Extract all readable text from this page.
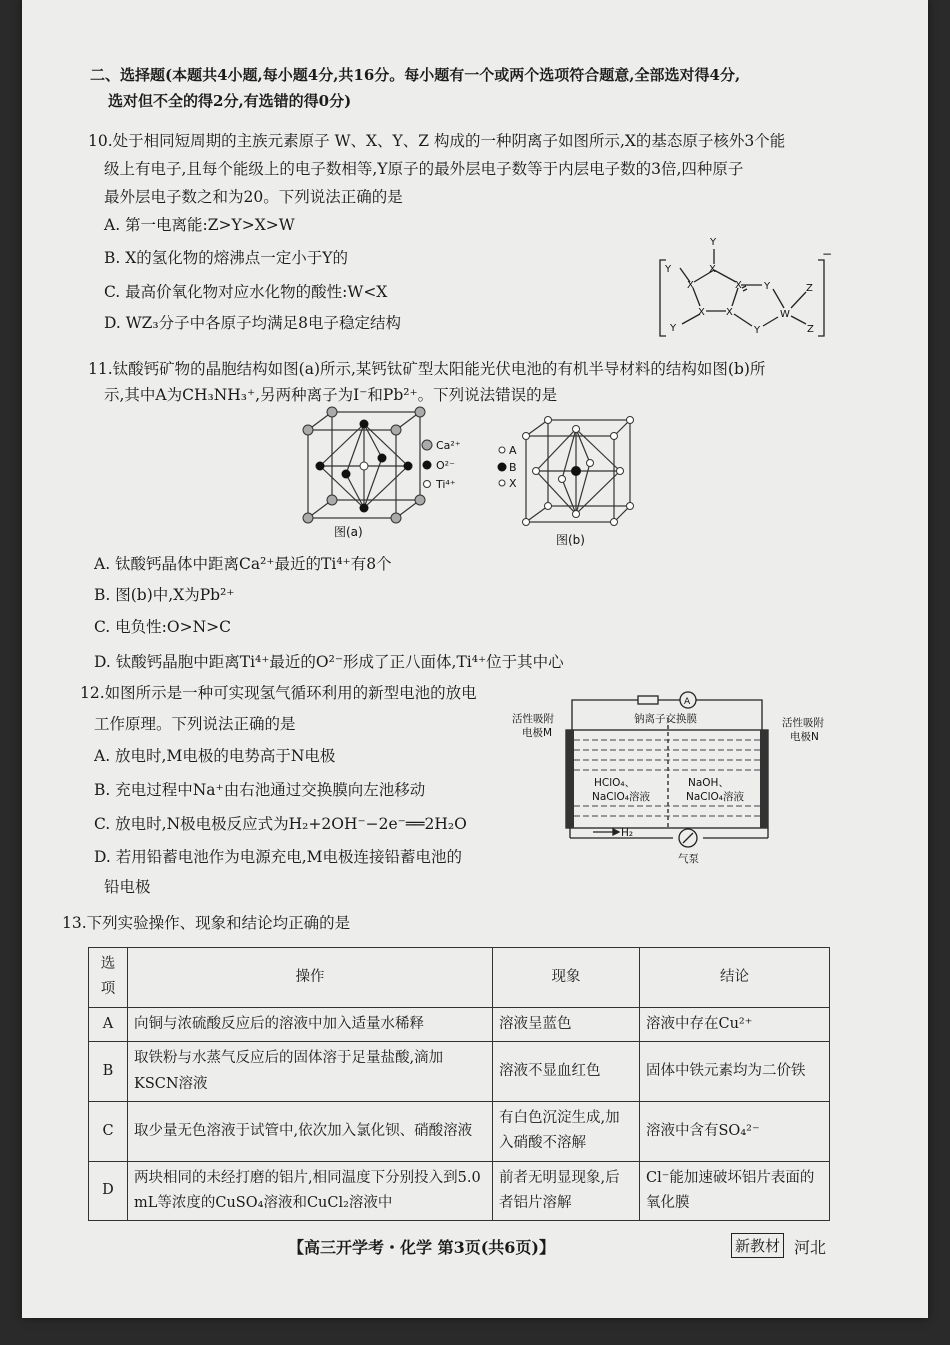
二、选择题(本题共4小题,每小题4分,共16分。每小题有一个或两个选项符合题意,全部选对得4分,
选对但不全的得2分,有选错的得0分)
10.处于相同短周期的主族元素原子 W、X、Y、Z 构成的一种阴离子如图所示,X的基态原子核外3个能
级上有电子,且每个能级上的电子数相等,Y原子的最外层电子数等于内层电子数的3倍,四种原子
最外层电子数之和为20。下列说法正确的是
A. 第一电离能:Z>Y>X>W
B. X的氢化物的熔沸点一定小于Y的
C. 最高价氧化物对应水化物的酸性:W<X
D. WZ₃分子中各原子均满足8电子稳定结构
Y
X
Y
X	X Y
X X
Y	Y
W
Z
Z
−
11.钛酸钙矿物的晶胞结构如图(a)所示,某钙钛矿型太阳能光伏电池的有机半导材料的结构如图(b)所
示,其中A为CH₃NH₃⁺,另两种离子为I⁻和Pb²⁺。下列说法错误的是
Ca²⁺
O²⁻
Ti⁴⁺
图(a)
A
B
X
图(b)
A. 钛酸钙晶体中距离Ca²⁺最近的Ti⁴⁺有8个
B. 图(b)中,X为Pb²⁺
C. 电负性:O>N>C
D. 钛酸钙晶胞中距离Ti⁴⁺最近的O²⁻形成了正八面体,Ti⁴⁺位于其中心
12.如图所示是一种可实现氢气循环利用的新型电池的放电
工作原理。下列说法正确的是
A. 放电时,M电极的电势高于N电极
B. 充电过程中Na⁺由右池通过交换膜向左池移动
C. 放电时,N极电极反应式为H₂+2OH⁻−2e⁻══2H₂O
D. 若用铅蓄电池作为电源充电,M电极连接铅蓄电池的
铅电极
A
活性吸附
电极M
活性吸附
电极N
钠离子交换膜
HClO₄、
NaClO₄溶液
NaOH、
NaClO₄溶液
H₂
气泵
13.下列实验操作、现象和结论均正确的是
选项	操作	现象	结论
A	向铜与浓硫酸反应后的溶液中加入适量水稀释	溶液呈蓝色	溶液中存在Cu²⁺
B	取铁粉与水蒸气反应后的固体溶于足量盐酸,滴加KSCN溶液	溶液不显血红色	固体中铁元素均为二价铁
C	取少量无色溶液于试管中,依次加入氯化钡、硝酸溶液	有白色沉淀生成,加入硝酸不溶解	溶液中含有SO₄²⁻
D	两块相同的未经打磨的铝片,相同温度下分别投入到5.0 mL等浓度的CuSO₄溶液和CuCl₂溶液中	前者无明显现象,后者铝片溶解	Cl⁻能加速破坏铝片表面的氧化膜
【高三开学考・化学 第3页(共6页)】	新教材 河北
